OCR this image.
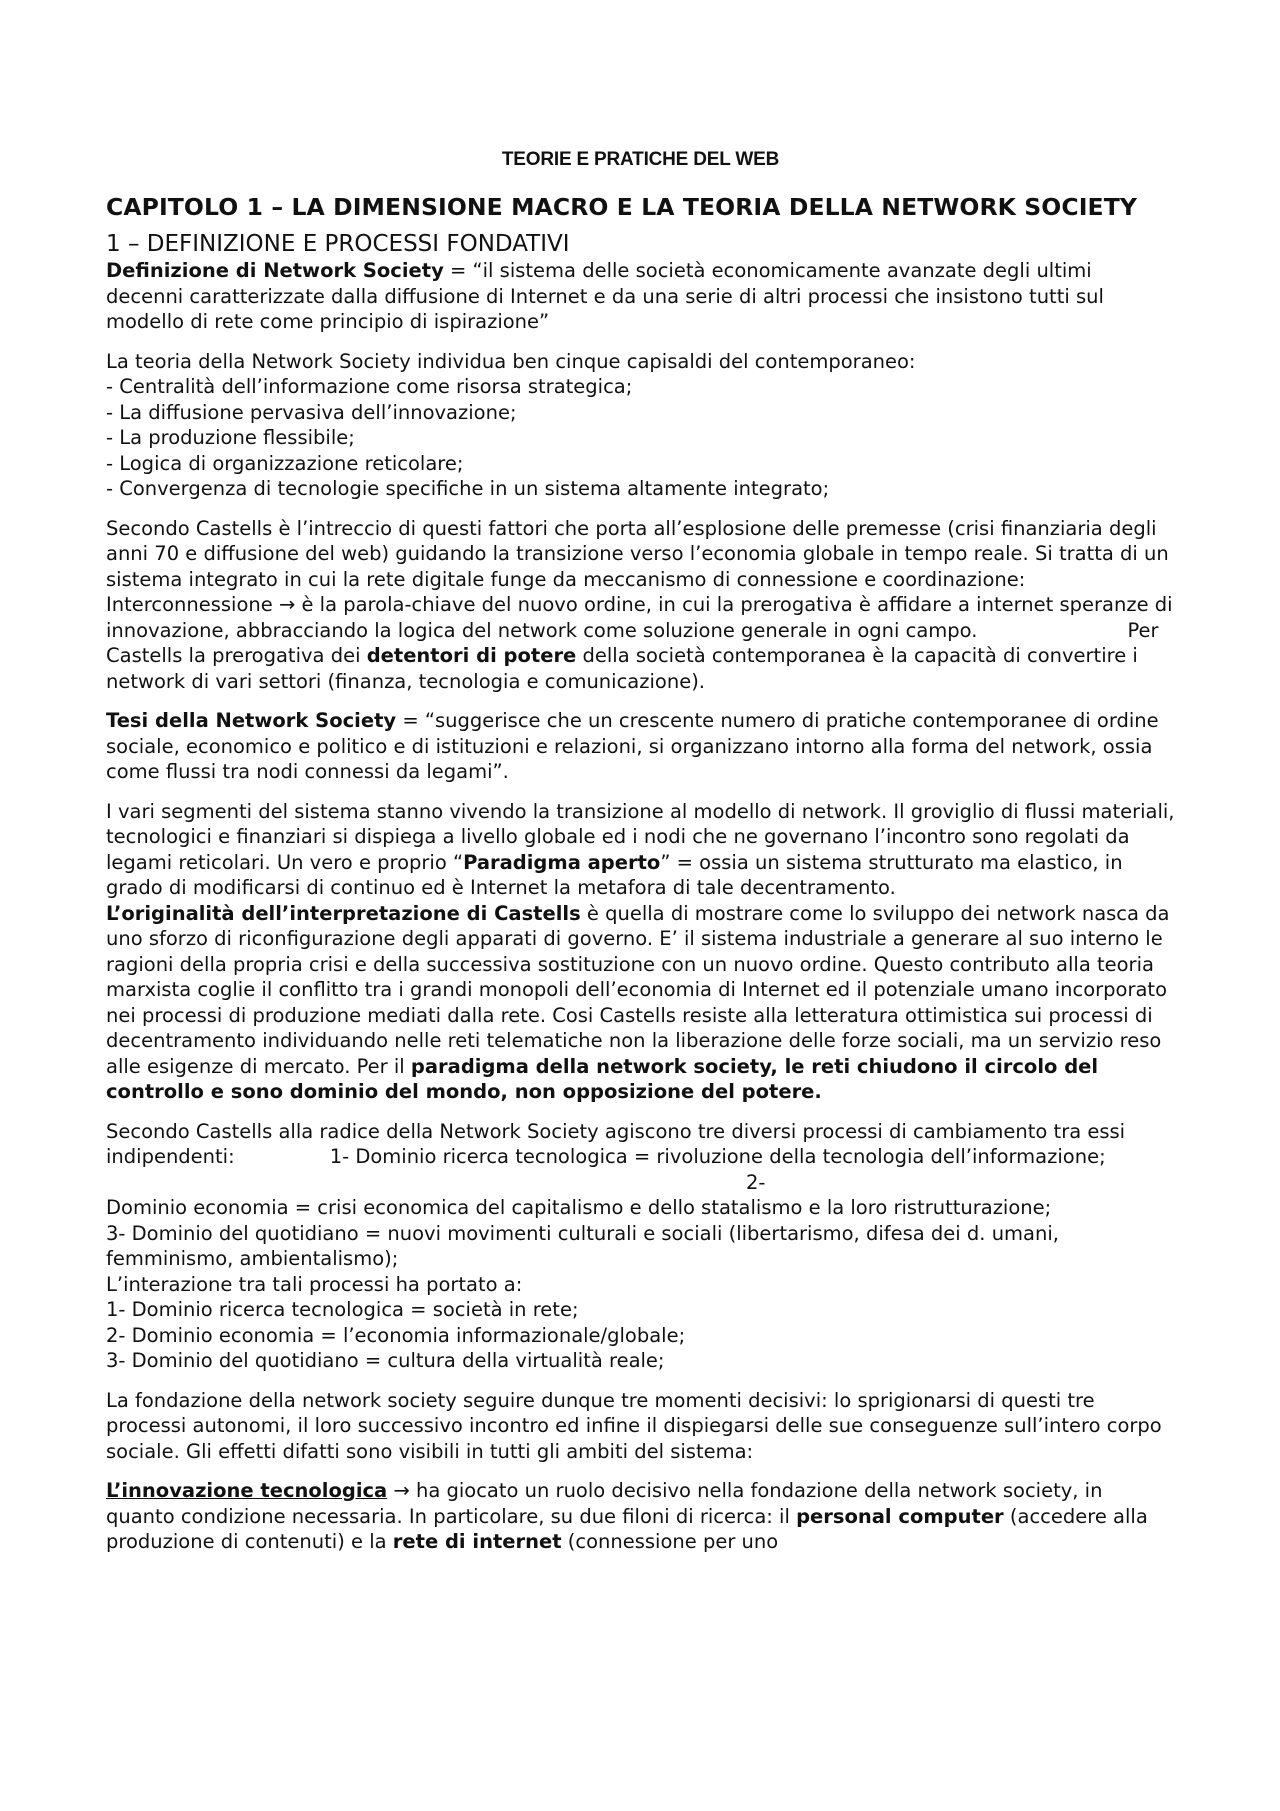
TEORIE E PRATICHE DEL WEB
CAPITOLO 1 – LA DIMENSIONE MACRO E LA TEORIA DELLA NETWORK SOCIETY
1 – DEFINIZIONE E PROCESSI FONDATIVI

Definizione di Network Society = “il sistema delle società economicamente avanzate degli ultimi decenni caratterizzate dalla diffusione di Internet e da una serie di altri processi che insistono tutti sul modello di rete come principio di ispirazione”

La teoria della Network Society individua ben cinque capisaldi del contemporaneo:
- Centralità dell’informazione come risorsa strategica;
- La diffusione pervasiva dell’innovazione;
- La produzione flessibile;
- Logica di organizzazione reticolare;
- Convergenza di tecnologie specifiche in un sistema altamente integrato;

Secondo Castells è l’intreccio di questi fattori che porta all’esplosione delle premesse (crisi finanziaria degli anni 70 e diffusione del web) guidando la transizione verso l’economia globale in tempo reale. Si tratta di un sistema integrato in cui la rete digitale funge da meccanismo di connessione e coordinazione:

Interconnessione → è la parola-chiave del nuovo ordine, in cui la prerogativa è affidare a internet speranze di innovazione, abbracciando la logica del network come soluzione generale in ogni campo.	Per Castells la prerogativa dei detentori di potere della società contemporanea è la capacità di convertire i network di vari settori (finanza, tecnologia e comunicazione).

Tesi della Network Society = “suggerisce che un crescente numero di pratiche contemporanee di ordine sociale, economico e politico e di istituzioni e relazioni, si organizzano intorno alla forma del network, ossia come flussi tra nodi connessi da legami”.

I vari segmenti del sistema stanno vivendo la transizione al modello di network. Il groviglio di flussi materiali, tecnologici e finanziari si dispiega a livello globale ed i nodi che ne governano l’incontro sono regolati da legami reticolari. Un vero e proprio “Paradigma aperto” = ossia un sistema strutturato ma elastico, in grado di modificarsi di continuo ed è Internet la metafora di tale decentramento.

L’originalità dell’interpretazione di Castells è quella di mostrare come lo sviluppo dei network nasca da uno sforzo di riconfigurazione degli apparati di governo. E’ il sistema industriale a generare al suo interno le ragioni della propria crisi e della successiva sostituzione con un nuovo ordine. Questo contributo alla teoria marxista coglie il conflitto tra i grandi monopoli dell’economia di Internet ed il potenziale umano incorporato nei processi di produzione mediati dalla rete. Cosi Castells resiste alla letteratura ottimistica sui processi di decentramento individuando nelle reti telematiche non la liberazione delle forze sociali, ma un servizio reso alle esigenze di mercato. Per il paradigma della network society, le reti chiudono il circolo del controllo e sono dominio del mondo, non opposizione del potere.

Secondo Castells alla radice della Network Society agiscono tre diversi processi di cambiamento tra essi indipendenti:	1- Dominio ricerca tecnologica = rivoluzione della tecnologia dell’informazione;2-
Dominio economia = crisi economica del capitalismo e dello statalismo e la loro ristrutturazione;
3- Dominio del quotidiano = nuovi movimenti culturali e sociali (libertarismo, difesa dei d. umani, femminismo, ambientalismo);
L’interazione tra tali processi ha portato a:
1- Dominio ricerca tecnologica = società in rete;
2- Dominio economia = l’economia informazionale/globale;
3- Dominio del quotidiano = cultura della virtualità reale;

La fondazione della network society seguire dunque tre momenti decisivi: lo sprigionarsi di questi tre processi autonomi, il loro successivo incontro ed infine il dispiegarsi delle sue conseguenze sull’intero corpo sociale. Gli effetti difatti sono visibili in tutti gli ambiti del sistema:

L’innovazione tecnologica → ha giocato un ruolo decisivo nella fondazione della network society, in quanto condizione necessaria. In particolare, su due filoni di ricerca: il personal computer (accedere alla produzione di contenuti) e la rete di internet (connessione per uno
